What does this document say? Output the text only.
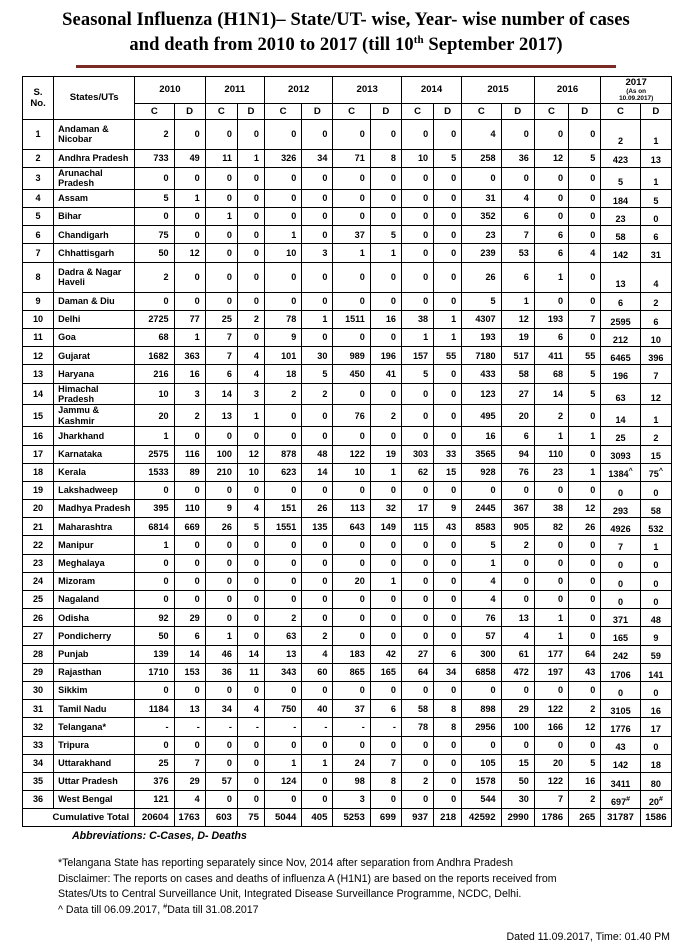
Seasonal Influenza (H1N1)– State/UT- wise, Year- wise number of cases
and death from 2010 to 2017 (till 10th September 2017)
S.
No.	States/UTs	2010		2011		2012		2013		2014		2015		2016		2017
(As on
10.09.2017)	

		C	D	C	D	C	D	C	D	C	D	C	D	C	D	C	D
1	Andaman & Nicobar	2	0	0	0	0	0	0	0	0	0	4	0	0	0	2	1
2	Andhra Pradesh	733	49	11	1	326	34	71	8	10	5	258	36	12	5	423	13
3	Arunachal Pradesh	0	0	0	0	0	0	0	0	0	0	0	0	0	0	5	1
4	Assam	5	1	0	0	0	0	0	0	0	0	31	4	0	0	184	5
5	Bihar	0	0	1	0	0	0	0	0	0	0	352	6	0	0	23	0
6	Chandigarh	75	0	0	0	1	0	37	5	0	0	23	7	6	0	58	6
7	Chhattisgarh	50	12	0	0	10	3	1	1	0	0	239	53	6	4	142	31
8	Dadra & Nagar Haveli	2	0	0	0	0	0	0	0	0	0	26	6	1	0	13	4
9	Daman & Diu	0	0	0	0	0	0	0	0	0	0	5	1	0	0	6	2
10	Delhi	2725	77	25	2	78	1	1511	16	38	1	4307	12	193	7	2595	6
11	Goa	68	1	7	0	9	0	0	0	1	1	193	19	6	0	212	10
12	Gujarat	1682	363	7	4	101	30	989	196	157	55	7180	517	411	55	6465	396
13	Haryana	216	16	6	4	18	5	450	41	5	0	433	58	68	5	196	7
14	Himachal Pradesh	10	3	14	3	2	2	0	0	0	0	123	27	14	5	63	12
15	Jammu & Kashmir	20	2	13	1	0	0	76	2	0	0	495	20	2	0	14	1
16	Jharkhand	1	0	0	0	0	0	0	0	0	0	16	6	1	1	25	2
17	Karnataka	2575	116	100	12	878	48	122	19	303	33	3565	94	110	0	3093	15
18	Kerala	1533	89	210	10	623	14	10	1	62	15	928	76	23	1	1384^	75^
19	Lakshadweep	0	0	0	0	0	0	0	0	0	0	0	0	0	0	0	0
20	Madhya Pradesh	395	110	9	4	151	26	113	32	17	9	2445	367	38	12	293	58
21	Maharashtra	6814	669	26	5	1551	135	643	149	115	43	8583	905	82	26	4926	532
22	Manipur	1	0	0	0	0	0	0	0	0	0	5	2	0	0	7	1
23	Meghalaya	0	0	0	0	0	0	0	0	0	0	1	0	0	0	0	0
24	Mizoram	0	0	0	0	0	0	20	1	0	0	4	0	0	0	0	0
25	Nagaland	0	0	0	0	0	0	0	0	0	0	4	0	0	0	0	0
26	Odisha	92	29	0	0	2	0	0	0	0	0	76	13	1	0	371	48
27	Pondicherry	50	6	1	0	63	2	0	0	0	0	57	4	1	0	165	9
28	Punjab	139	14	46	14	13	4	183	42	27	6	300	61	177	64	242	59
29	Rajasthan	1710	153	36	11	343	60	865	165	64	34	6858	472	197	43	1706	141
30	Sikkim	0	0	0	0	0	0	0	0	0	0	0	0	0	0	0	0
31	Tamil Nadu	1184	13	34	4	750	40	37	6	58	8	898	29	122	2	3105	16
32	Telangana*	-	-	-	-	-	-	-	-	78	8	2956	100	166	12	1776	17
33	Tripura	0	0	0	0	0	0	0	0	0	0	0	0	0	0	43	0
34	Uttarakhand	25	7	0	0	1	1	24	7	0	0	105	15	20	5	142	18
35	Uttar Pradesh	376	29	57	0	124	0	98	8	2	0	1578	50	122	16	3411	80
36	West Bengal	121	4	0	0	0	0	3	0	0	0	544	30	7	2	697#	20#
Cumulative Total		20604	1763	603	75	5044	405	5253	699	937	218	42592	2990	1786	265	31787	1586
Abbreviations: C-Cases, D- Deaths
*Telangana State has reporting separately since Nov, 2014 after separation from Andhra Pradesh
Disclaimer: The reports on cases and deaths of influenza A (H1N1) are based on the reports received from
States/Uts to Central Surveillance Unit, Integrated Disease Surveillance Programme, NCDC, Delhi.
^ Data till 06.09.2017, #Data till 31.08.2017
Dated 11.09.2017, Time: 01.40 PM
